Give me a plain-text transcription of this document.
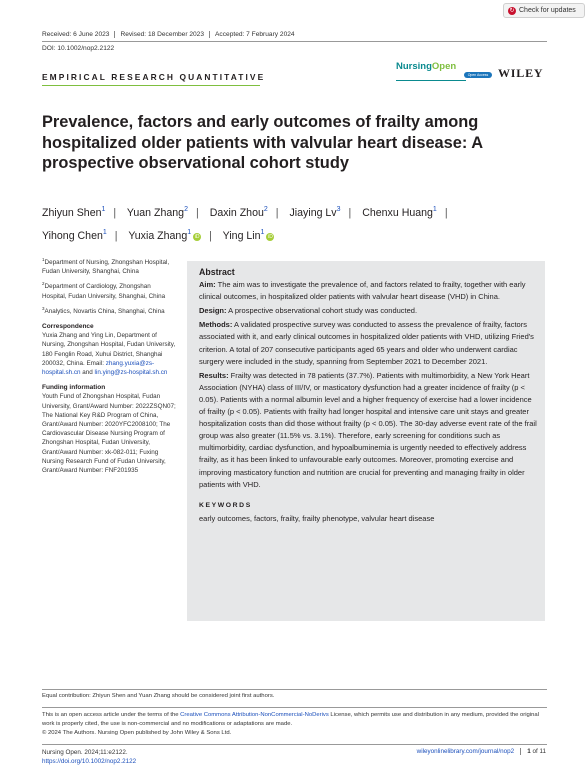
↻ Check for updates
Received: 6 June 2023	Revised: 18 December 2023	Accepted: 7 February 2024
DOI: 10.1002/nop2.2122
EMPIRICAL RESEARCH QUANTITATIVE
NursingOpen
Open Access WILEY
Prevalence, factors and early outcomes of frailty among hospitalized older patients with valvular heart disease: A prospective observational cohort study
Zhiyun Shen$^1$ | Yuan Zhang$^2$ | Daxin Zhou$^2$ | Jiaying Lv$^3$ | Chenxu Huang$^1$ |
Yihong Chen$^1$ | Yuxia Zhang$^1$iD | Ying Lin$^1$iD
$^1$Department of Nursing, Zhongshan Hospital, Fudan University, Shanghai, China
$^2$Department of Cardiology, Zhongshan Hospital, Fudan University, Shanghai, China
$^3$Analytics, Novartis China, Shanghai, China
Correspondence
Yuxia Zhang and Ying Lin, Department of Nursing, Zhongshan Hospital, Fudan University, 180 Fenglin Road, Xuhui District, Shanghai 200032, China. Email: zhang.yuxia@zs-hospital.sh.cn and lin.ying@zs-hospital.sh.cn
Funding information
Youth Fund of Zhongshan Hospital, Fudan University, Grant/Award Number: 2022ZSQN07; The National Key R&D Program of China, Grant/Award Number: 2020YFC2008100; The Cardiovascular Disease Nursing Program of Zhongshan Hospital, Fudan University, Grant/Award Number: xk-082-011; Fuxing Nursing Research Fund of Fudan University, Grant/Award Number: FNF201935
Abstract

Aim: The aim was to investigate the prevalence of, and factors related to frailty, together with early clinical outcomes, in hospitalized older patients with valvular heart disease (VHD) in China.

Design: A prospective observational cohort study was conducted.

Methods: A validated prospective survey was conducted to assess the prevalence of frailty, factors associated with it, and early clinical outcomes in hospitalized older patients with VHD, utilizing Fried's criterion. A total of 207 consecutive participants aged 65 years and older who underwent cardiac surgery were included in the study, spanning from September 2021 to December 2021.

Results: Frailty was detected in 78 patients (37.7%). Patients with multimorbidity, a New York Heart Association (NYHA) class of III/IV, or masticatory dysfunction had a greater incidence of frailty (p < 0.05). Patients with a normal albumin level and a higher frequency of exercise had a lower incidence of frailty (p < 0.05). Patients with frailty had longer hospital and intensive care unit stays and greater hospitalization costs than did those without frailty (p < 0.05). The 30-day adverse event rate of the frail group was also greater (11.5% vs. 3.1%). Therefore, early screening for conditions such as multimorbidity, cardiac dysfunction, and hypoalbuminemia is urgently needed to effectively address frailty, as it has been linked to unfavourable early outcomes. Moreover, promoting exercise and improving masticatory function and nutrition are crucial for preventing and managing frailty in older patients with VHD.

KEYWORDS
early outcomes, factors, frailty, frailty phenotype, valvular heart disease
Equal contribution: Zhiyun Shen and Yuan Zhang should be considered joint first authors.
This is an open access article under the terms of the Creative Commons Attribution-NonCommercial-NoDerivs License, which permits use and distribution in any medium, provided the original work is properly cited, the use is non-commercial and no modifications or adaptations are made.
© 2024 The Authors. Nursing Open published by John Wiley & Sons Ltd.
Nursing Open. 2024;11:e2122.
https://doi.org/10.1002/nop2.2122
wileyonlinelibrary.com/journal/nop2	1 of 11
